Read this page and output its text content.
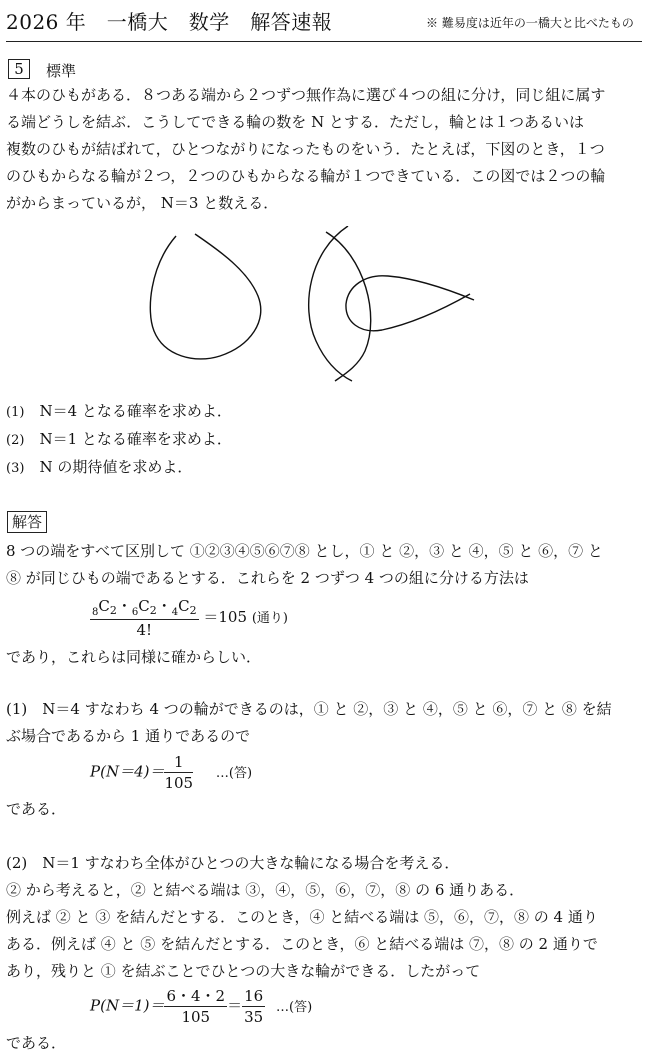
2026 年　一橋大　数学　解答速報	※ 難易度は近年の一橋大と比べたもの
5	標準

４本のひもがある．８つある端から２つずつ無作為に選び４つの組に分け，同じ組に属す

る端どうしを結ぶ．こうしてできる輪の数を N とする．ただし，輪とは１つあるいは

複数のひもが結ばれて，ひとつながりになったものをいう．たとえば，下図のとき，１つ

のひもからなる輪が２つ，２つのひもからなる輪が１つできている．この図では２つの輪

がからまっているが， N＝3 と数える．

(1)　 N＝4 となる確率を求めよ．

(2)　 N＝1 となる確率を求めよ．

(3)　 N の期待値を求めよ．

解答

8 つの端をすべて区別して ①②③④⑤⑥⑦⑧ とし，① と ②，③ と ④，⑤ と ⑥，⑦ と

⑧ が同じひもの端であるとする．これらを 2 つずつ 4 つの組に分ける方法は

$\frac{_8C_2・_6C_2・_4C_2}{4!} =105$ (通り)

であり，これらは同様に確からしい．

(1)　N＝4 すなわち 4 つの輪ができるのは，① と ②，③ と ④，⑤ と ⑥，⑦ と ⑧ を結

ぶ場合であるから 1 通りであるので

$P(N=4)= \frac{1}{105}$ …(答)

である．

(2)　N＝1 すなわち全体がひとつの大きな輪になる場合を考える．

② から考えると，② と結べる端は ③，④，⑤，⑥，⑦，⑧ の 6 通りある．

例えば ② と ③ を結んだとする．このとき，④ と結べる端は ⑤，⑥，⑦，⑧ の 4 通り

ある．例えば ④ と ⑤ を結んだとする．このとき，⑥ と結べる端は ⑦，⑧ の 2 通りで

あり，残りと ① を結ぶことでひとつの大きな輪ができる．したがって

$P(N=1)= \frac{6・4・2}{105} = \frac{16}{35}$ …(答)

である．
